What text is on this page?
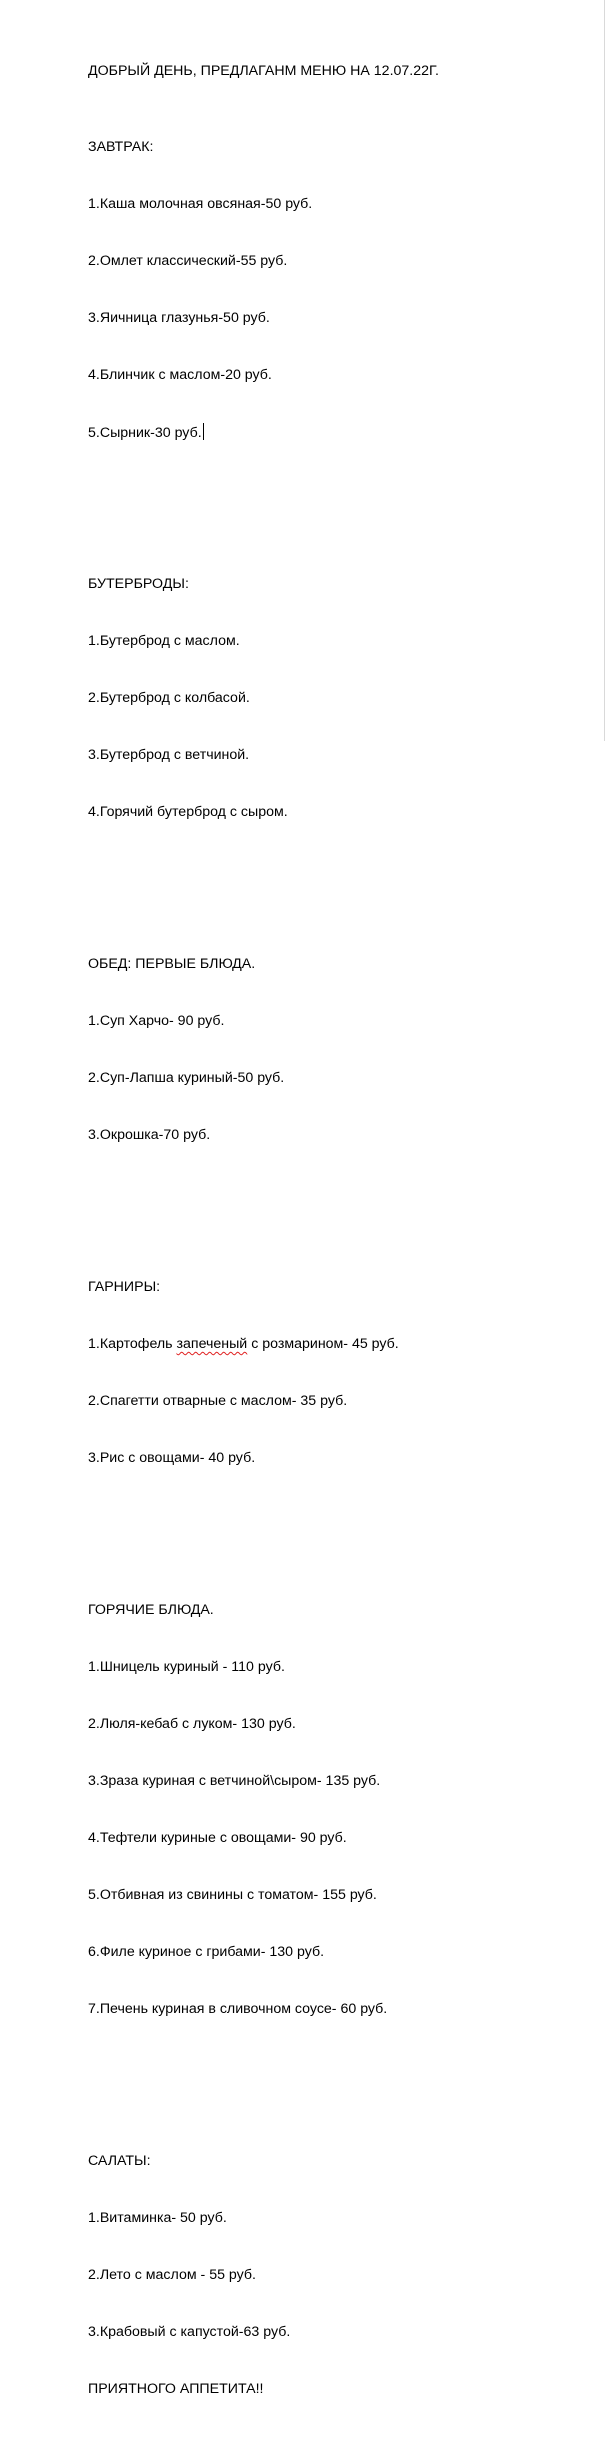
ДОБРЫЙ ДЕНЬ, ПРЕДЛАГАНМ МЕНЮ НА 12.07.22Г.

ЗАВТРАК:

1.Каша молочная овсяная-50 руб.

2.Омлет классический-55 руб.

3.Яичница глазунья-50 руб.

4.Блинчик с маслом-20 руб.

5.Сырник-30 руб.

БУТЕРБРОДЫ:

1.Бутерброд с маслом.

2.Бутерброд с колбасой.

3.Бутерброд с ветчиной.

4.Горячий бутерброд с сыром.

ОБЕД: ПЕРВЫЕ БЛЮДА.

1.Суп Харчо- 90 руб.

2.Суп-Лапша куриный-50 руб.

3.Окрошка-70 руб.

ГАРНИРЫ:

1.Картофель запеченый с розмарином- 45 руб.

2.Спагетти отварные с маслом- 35 руб.

3.Рис с овощами- 40 руб.

ГОРЯЧИЕ БЛЮДА.

1.Шницель куриный - 110 руб.

2.Люля-кебаб с луком- 130 руб.

3.Зраза куриная с ветчиной\сыром- 135 руб.

4.Тефтели куриные с овощами- 90 руб.

5.Отбивная из свинины с томатом- 155 руб.

6.Филе куриное с грибами- 130 руб.

7.Печень куриная в сливочном соусе- 60 руб.

САЛАТЫ:

1.Витаминка- 50 руб.

2.Лето с маслом - 55 руб.

3.Крабовый с капустой-63 руб.

ПРИЯТНОГО АППЕТИТА!!
